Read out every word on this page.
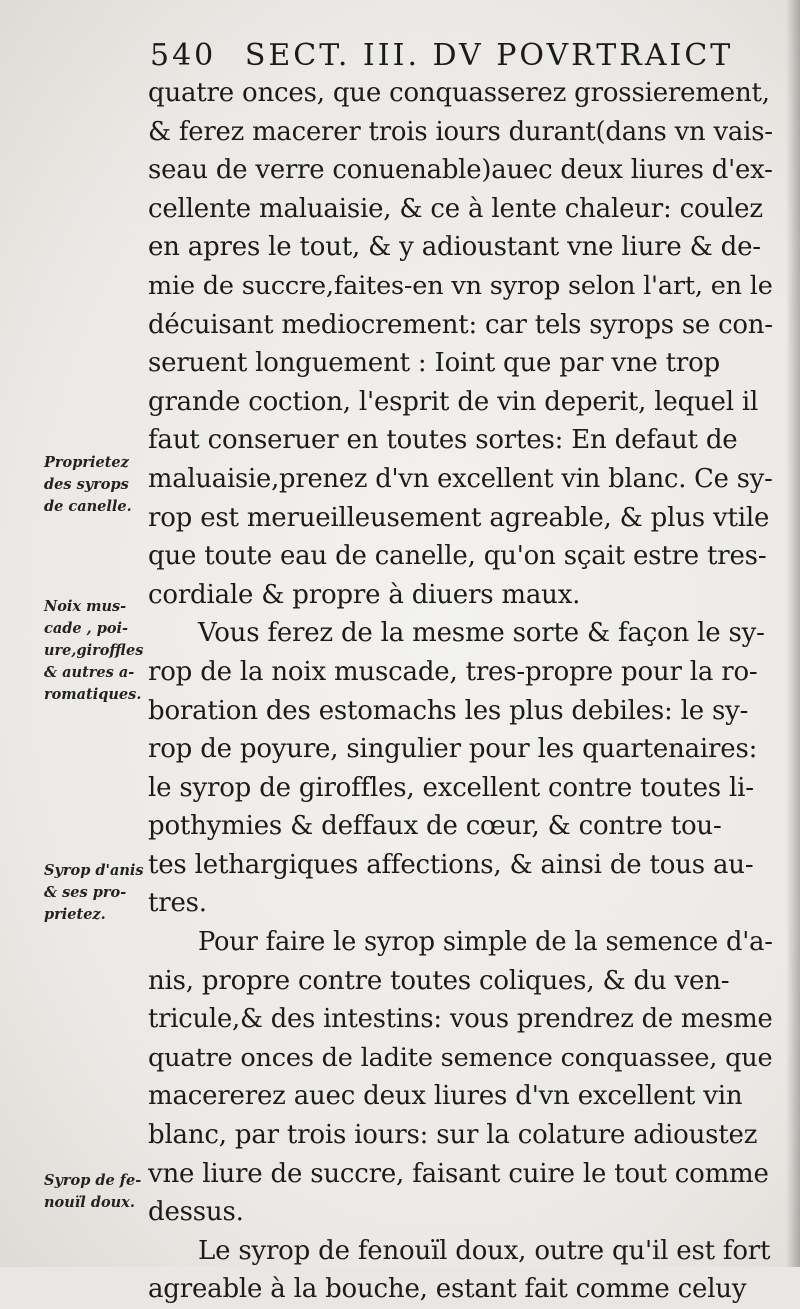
540 SECT. III. DV POVRTRAICT
quatre onces, que conquasserez grossierement,
& ferez macerer trois iours durant(dans vn vais-
seau de verre conuenable)auec deux liures d'ex-
cellente maluaisie, & ce à lente chaleur: coulez
en apres le tout, & y adioustant vne liure & de-
mie de succre,faites-en vn syrop selon l'art, en le
décuisant mediocrement: car tels syrops se con-
seruent longuement : Ioint que par vne trop
grande coction, l'esprit de vin deperit, lequel il
faut conseruer en toutes sortes: En defaut de
maluaisie,prenez d'vn excellent vin blanc. Ce sy-
rop est merueilleusement agreable, & plus vtile
que toute eau de canelle, qu'on sçait estre tres-
cordiale & propre à diuers maux.
Vous ferez de la mesme sorte & façon le sy-
rop de la noix muscade, tres-propre pour la ro-
boration des estomachs les plus debiles: le sy-
rop de poyure, singulier pour les quartenaires:
le syrop de giroffles, excellent contre toutes li-
pothymies & deffaux de cœur, & contre tou-
tes lethargiques affections, & ainsi de tous au-
tres.
Pour faire le syrop simple de la semence d'a-
nis, propre contre toutes coliques, & du ven-
tricule,& des intestins: vous prendrez de mesme
quatre onces de ladite semence conquassee, que
macererez auec deux liures d'vn excellent vin
blanc, par trois iours: sur la colature adioustez
vne liure de succre, faisant cuire le tout comme
dessus.
Le syrop de fenouïl doux, outre qu'il est fort
agreable à la bouche, estant fait comme celuy
Proprietez
des syrops
de canelle.
Noix mus-
cade , poi-
ure,giroffles
& autres a-
romatiques.
Syrop d'anis
& ses pro-
prietez.
Syrop de fe-
nouïl doux.
